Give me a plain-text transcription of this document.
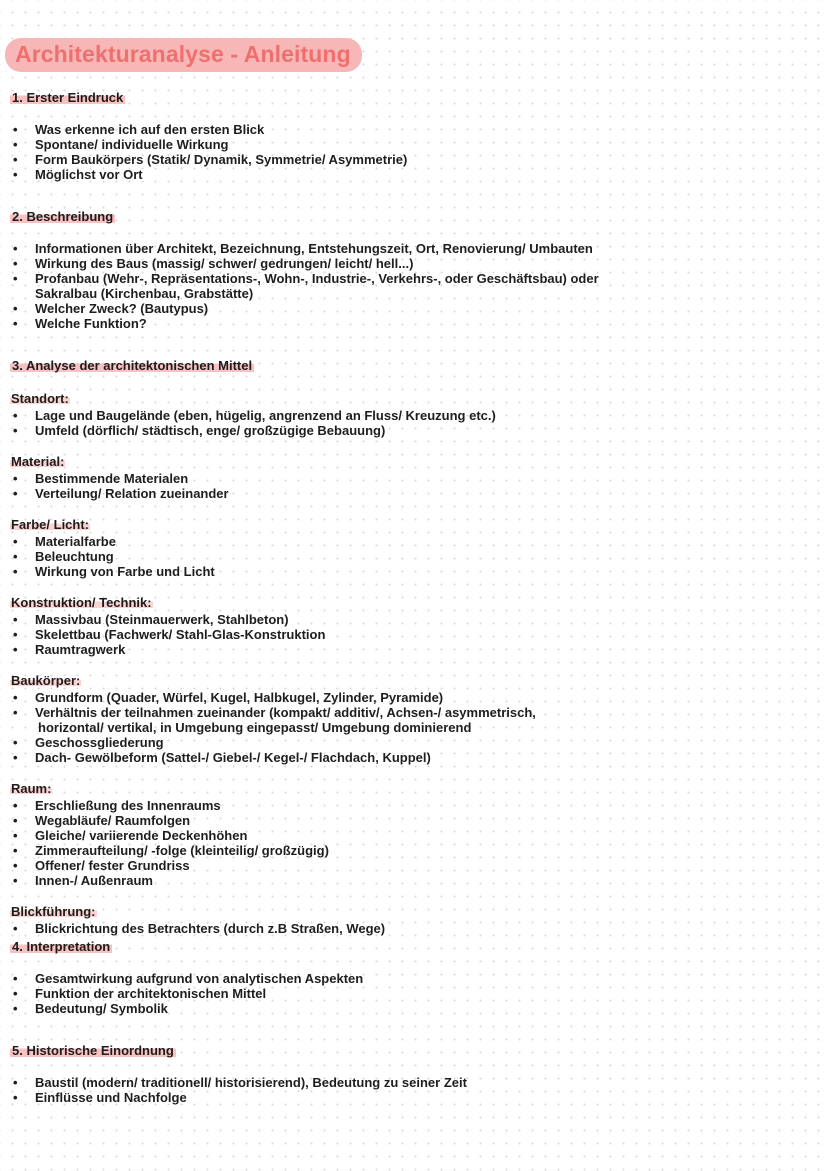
Architekturanalyse - Anleitung
1. Erster Eindruck
• Was erkenne ich auf den ersten Blick
• Spontane/ individuelle Wirkung
• Form Baukörpers (Statik/ Dynamik, Symmetrie/ Asymmetrie)
• Möglichst vor Ort
2. Beschreibung
• Informationen über Architekt, Bezeichnung, Entstehungszeit, Ort, Renovierung/ Umbauten
• Wirkung des Baus (massig/ schwer/ gedrungen/ leicht/ hell...)
• Profanbau (Wehr-, Repräsentations-, Wohn-, Industrie-, Verkehrs-, oder Geschäftsbau) oder
Sakralbau (Kirchenbau, Grabstätte)
• Welcher Zweck? (Bautypus)
• Welche Funktion?
3. Analyse der architektonischen Mittel
Standort:
• Lage und Baugelände (eben, hügelig, angrenzend an Fluss/ Kreuzung etc.)
• Umfeld (dörflich/ städtisch, enge/ großzügige Bebauung)
Material:
• Bestimmende Materialen
• Verteilung/ Relation zueinander
Farbe/ Licht:
• Materialfarbe
• Beleuchtung
• Wirkung von Farbe und Licht
Konstruktion/ Technik:
• Massivbau (Steinmauerwerk, Stahlbeton)
• Skelettbau (Fachwerk/ Stahl-Glas-Konstruktion
• Raumtragwerk
Baukörper:
• Grundform (Quader, Würfel, Kugel, Halbkugel, Zylinder, Pyramide)
• Verhältnis der teilnahmen zueinander (kompakt/ additiv/, Achsen-/ asymmetrisch,
horizontal/ vertikal, in Umgebung eingepasst/ Umgebung dominierend
• Geschossgliederung
• Dach- Gewölbeform (Sattel-/ Giebel-/ Kegel-/ Flachdach, Kuppel)
Raum:
• Erschließung des Innenraums
• Wegabläufe/ Raumfolgen
• Gleiche/ variierende Deckenhöhen
• Zimmeraufteilung/ -folge (kleinteilig/ großzügig)
• Offener/ fester Grundriss
• Innen-/ Außenraum
Blickführung:
• Blickrichtung des Betrachters (durch z.B Straßen, Wege)
4. Interpretation
• Gesamtwirkung aufgrund von analytischen Aspekten
• Funktion der architektonischen Mittel
• Bedeutung/ Symbolik
5. Historische Einordnung
• Baustil (modern/ traditionell/ historisierend), Bedeutung zu seiner Zeit
• Einflüsse und Nachfolge
